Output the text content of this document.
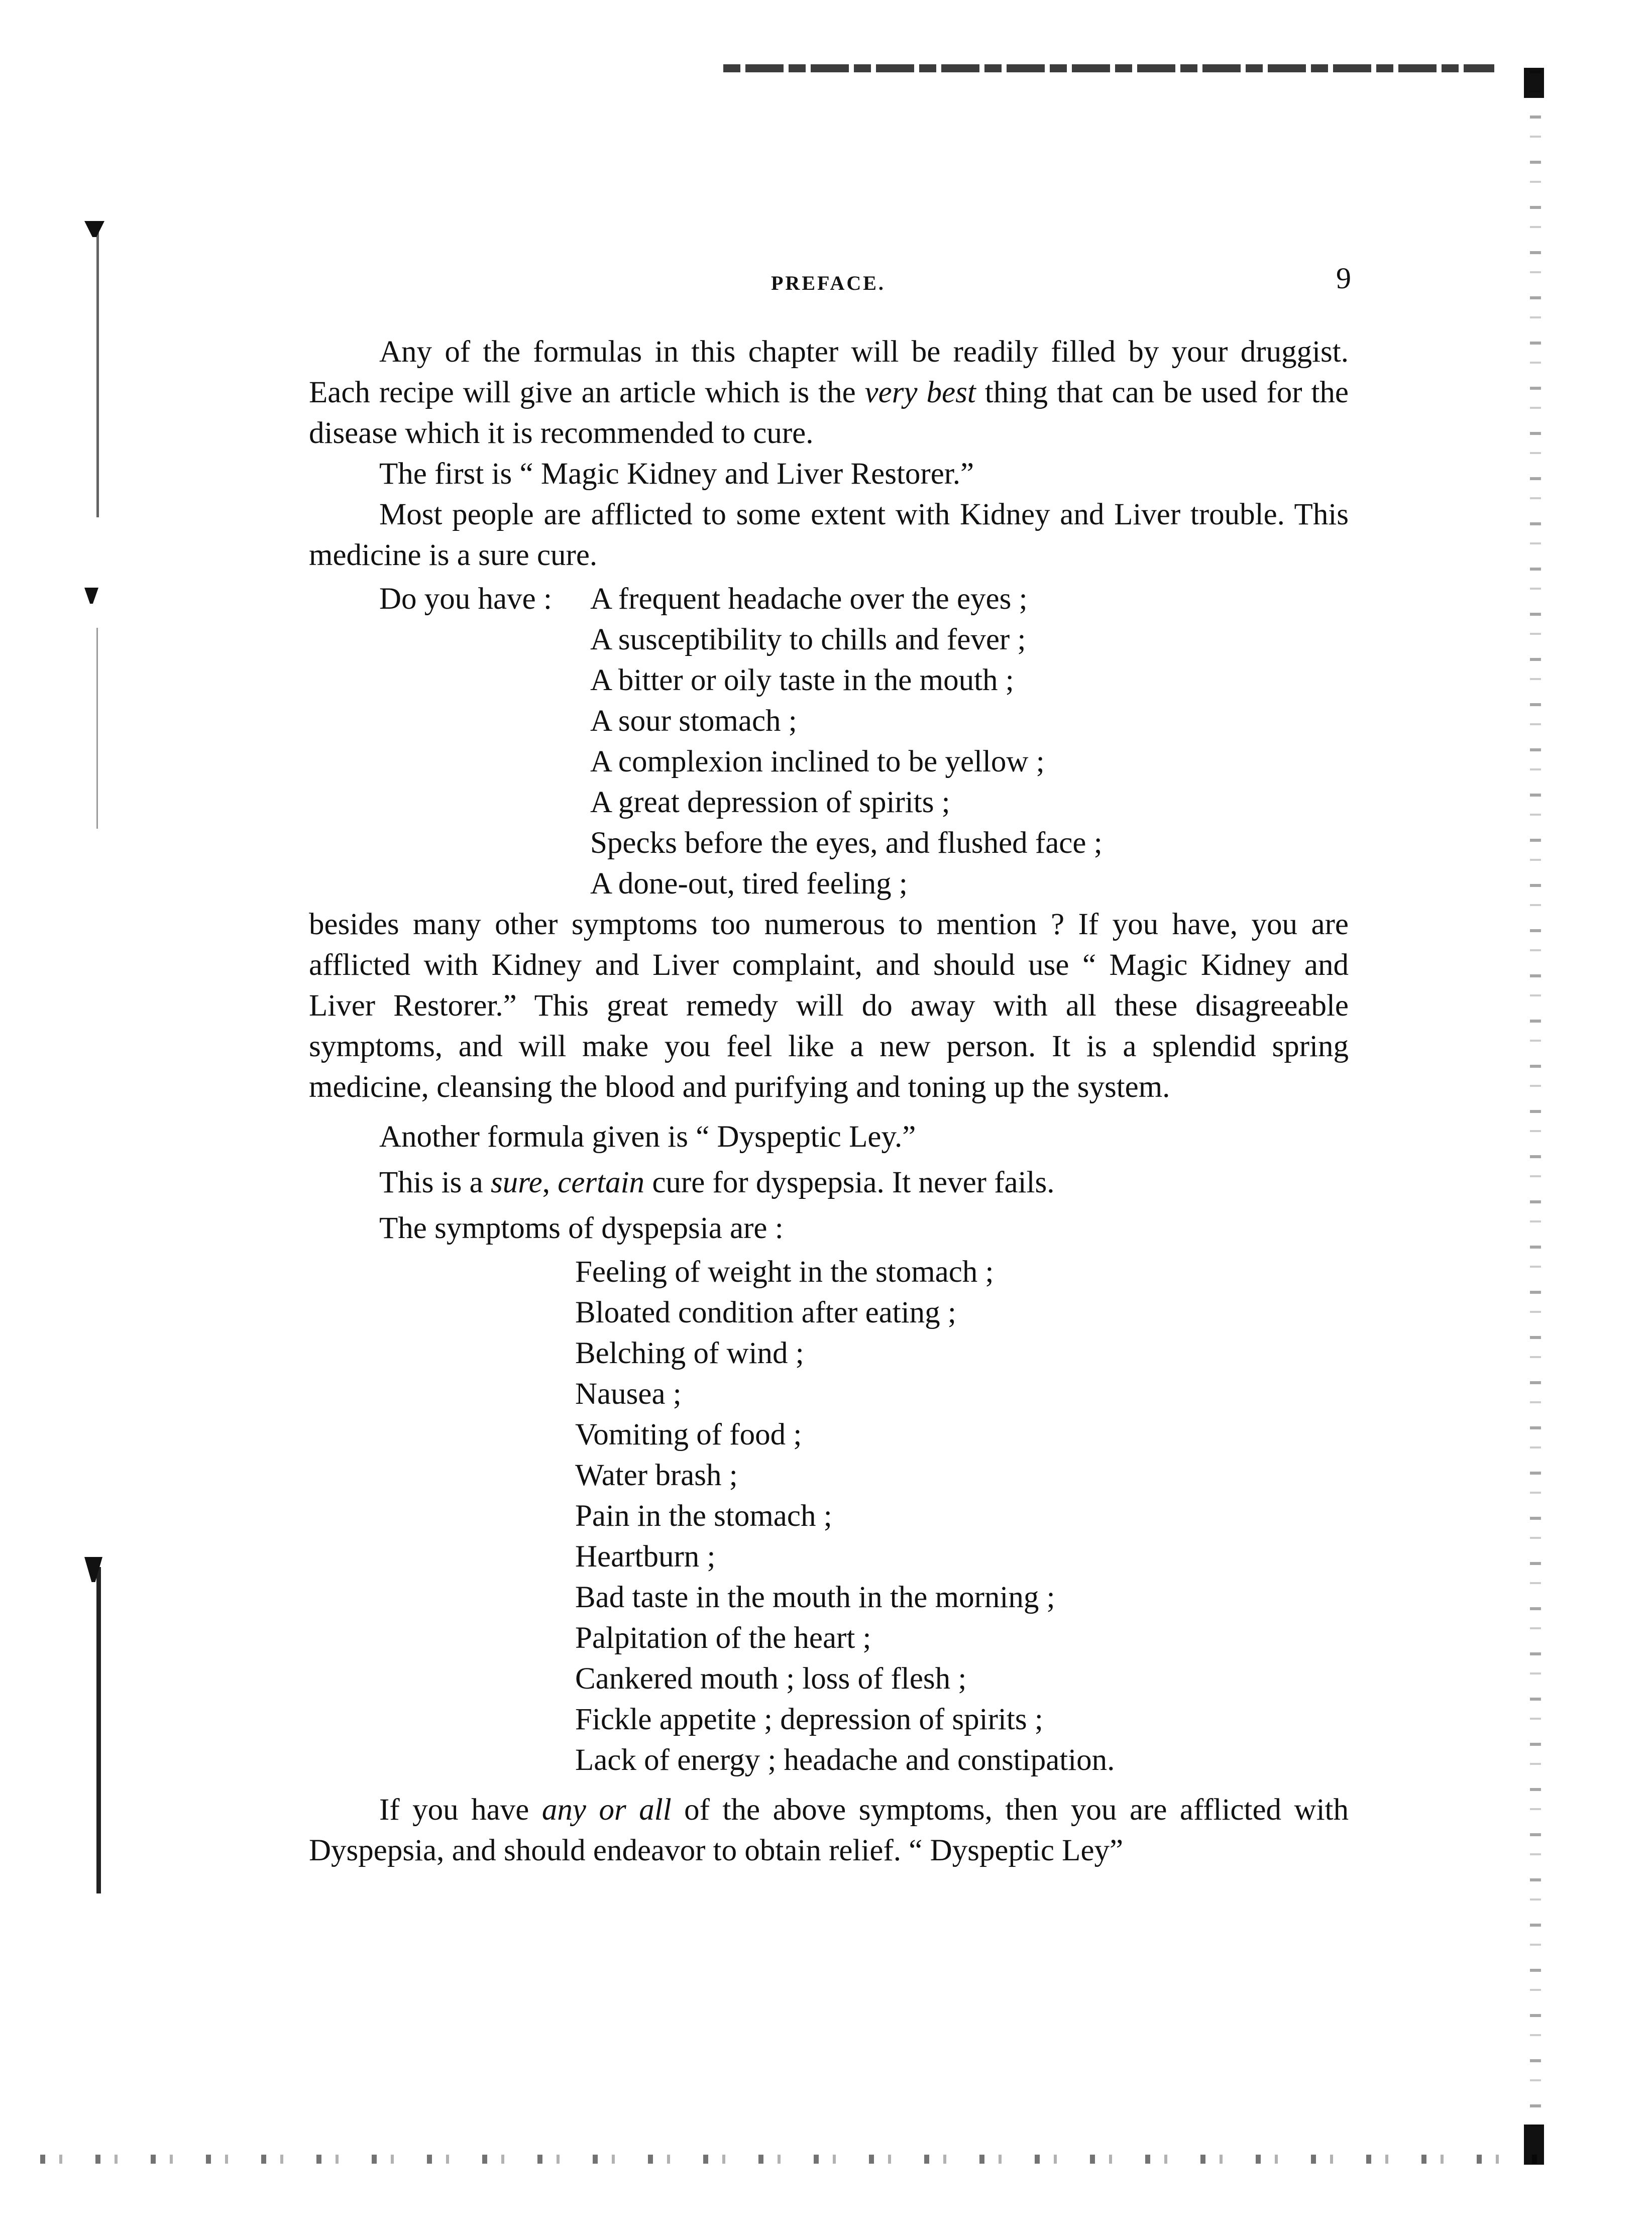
PREFACE.	9

Any of the formulas in this chapter will be readily filled by your druggist. Each recipe will give an article which is the very best thing that can be used for the disease which it is recommended to cure.

The first is “ Magic Kidney and Liver Restorer.”

Most people are afflicted to some extent with Kidney and Liver trouble. This medicine is a sure cure.

Do you have :	A frequent headache over the eyes ;
A susceptibility to chills and fever ;
A bitter or oily taste in the mouth ;
A sour stomach ;
A complexion inclined to be yellow ;
A great depression of spirits ;
Specks before the eyes, and flushed face ;
A done-out, tired feeling ;

besides many other symptoms too numerous to mention ? If you have, you are afflicted with Kidney and Liver complaint, and should use “ Magic Kidney and Liver Restorer.” This great remedy will do away with all these disagreeable symptoms, and will make you feel like a new person. It is a splendid spring medicine, cleansing the blood and purifying and toning up the system.

Another formula given is “ Dyspeptic Ley.”

This is a sure, certain cure for dyspepsia. It never fails.

The symptoms of dyspepsia are :

Feeling of weight in the stomach ;
Bloated condition after eating ;
Belching of wind ;
Nausea ;
Vomiting of food ;
Water brash ;
Pain in the stomach ;
Heartburn ;
Bad taste in the mouth in the morning ;
Palpitation of the heart ;
Cankered mouth ; loss of flesh ;
Fickle appetite ; depression of spirits ;
Lack of energy ; headache and constipation.

If you have any or all of the above symptoms, then you are afflicted with Dyspepsia, and should endeavor to obtain relief. “ Dyspeptic Ley”
